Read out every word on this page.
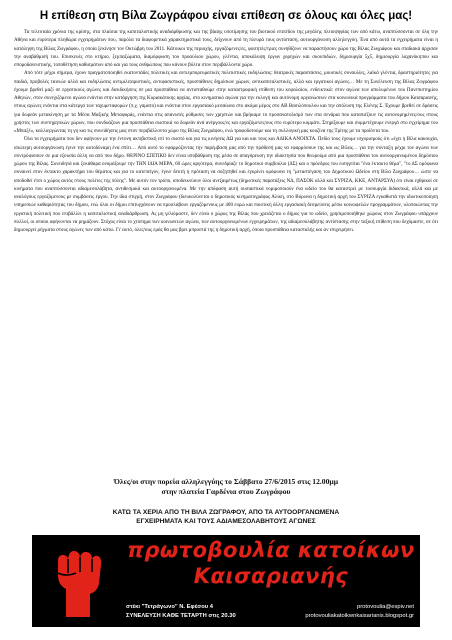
Η επίθεση στη Βίλα Ζωγράφου είναι επίθεση σε όλους και όλες μας!

Τα τελευταία χρόνια της κρίσης, στα πλαίσια της καπιταλιστικής αναδιάρθρωσης και της βίαιης υποτίμησης του βιοτικού επιπέδου της μεγάλης πλειοψηφίας των από κάτω, αναπτύσσονται σε όλη την Αθήνα και ευρύτερα πληθώρα εγχειρημάτων που, παρόλα τα διαφορετικά χαρακτηριστικά τους, δείχνουν από τη πλευρά τους αντίσταση, αυτοοργάνωση αλληλεγγύη. Ένα από αυτά τα εγχειρήματα είναι η κατάληψη της Βίλας Ζωγράφου, η οποία ξεκίνησε τον Οκτώβρη του 2011. Κάτοικοι της περιοχής, εργαζόμενες/ες, φοιτητές/τριες συνηθίζουν να παραστήσουν χώρο της Βίλας Ζωγράφου και σταδιακά άρχισαν την αναβάθμισή του. Επισκευές στο κτήριο, ξεμπαζώματα, διαμόρφωση του προαύλιου χώρου, γλέντια, αποκάλυψη έργων χορηγών και σκουπιδιών, δημιουργία 5χ5, δημιουργία λαχανόκηπου και σποροδανειστικής, τοποθέτηση καθισμάτων από και για τους ανθρώπους που κάνουν βόλτα στον περιβάλλοντα χώρο.

Από τότε μέχρι σήμερα, έχουν πραγματοποιηθεί εκατοντάδες πολιτικές και αντιεμπορευματικές πολιτιστικές εκδηλώσεις: θεατρικές παραστάσεις, μουσικές συναυλίες, λαϊκά γλέντια, δραστηριότητες για παιδιά, προβολές ταινιών αλλά και εκδηλώσεις αντιμιλιταριστικές, αντιφασιστικές, προσπάθειες δημόσιων χώρων, αντικαπιταλιστικές, αλλά και εργατικοί αγώνες… Με τη Συνέλευση της Βίλας Ζωγράφου έχουμε βρεθεί μαζί σε εργατικούς αγώνες και διεκδικήσεις σε μια προσπάθεια να αντισταθούμε στην καταστροφική επίθεση του κεφαλαίου, ενδεικτικά: στον αγώνα των απολυμένων του Πανεπιστημίου Αθηνών, στον συνεχιζόμενο αγώνα ενάντια στην κατάργηση της Κυριακάτικης αργίας, στο κινηματικό αγώνα για την εκλογή και αυτόνομη οργανώσεων στα κοινωνικά προγράμματα του δήμου Καισαριανής, στους αγώνες ενάντια στα κάτεργα των ταχυμεταφορών (π.χ. γαματο) και ενάντια στον εργασιακό μεσαίωνα στο ακόμα μέρος στο ΑΒ Βασιλόπουλου και την απόλυση της Ελένης Σ. Έχουμε βρεθεί σε δράσεις για δωρεάν μετακίνηση με τα Μέσα Μαζικής Μεταφοράς, ενάντια στις απανωτές ρύθμισες των χρηστών και βρήκαμε το προσανατολισμό των στα σενάρια που καταπιέζουν τις αυτονομημένες/ους στους χρήστες των συντηρητικών χώρων, που συνδυάζουν μια προσπάθεια σωστικά να δωρεάν ανά ανέργους/ες και εργαζόμενες/ους στο ευρύτερο κομμάτι. Στηρίξουμε και συμμετέχουμε ενεργά στο εγχείρημα του «Μπαξέ», καλλιεργώντας τη γη και τις συνειδήσεις μας στον περιβάλλοντα χώρο της Βίλας Ζωγράφου, ενώ τροφοδοτούμε και τη συλλογική μας κουζίνα της Τρίτης με τα προϊόντα του.

Όλα τα εγχειρήματα που δεν αφήνουν με την έντονη ακτιβιστική επί το σωστό και για τις κινήσεις ΔΩ για και και τους και ΑΔΙΚΑ ΑΝΟΙΧΤΑ. Πεδίο τους έχουμε ισχυρισμούς ότι «έχει η Βίλα κακουχία, απώτερη αυτοοργάνωση έγινε την αυτοδύναμη ένα σπίτι… Από αυτό το εφαρμόζοντας την παρέμβαση μας από την πρόθεσή μας να εφαρμόσουν της και ως Βίλας… για την σύνταξη μέχρι τον αγώνα των συντρόφισσων σε μια εξουσία άλλη να από που δήμο. ΘΕΡΙΝΟ ΣΠΙΤΙΚΟ δεν είναι υποβάθμιση της μέσα σε απαγόρευση την ιδιοκτησία που θεωρούμε από μια προσπάθεια του αυτοοργανωμένου δημόσιου χώρου της Βίλας. Συνειδητά και ξεκάθαρα ονομάζουμε την ΤΗΝ ΙΔΙΑ ΜΕΡΑ, 60 ώρες αργότερα, συνεδρίαζε το δημοτικό συμβούλιο (ΔΣ) και ο πρόεδρος του εισηγείται "ένα έκτακτο θέμα", "το ΔΣ ομόφωνα συναινεί στον έκτακτο χαρακτήρα του θέματος και για το κατεπείγον, έγινε δεκτή η πρόταση να συζητηθεί και εγκρίνει ομόφωνα τη "μεταστέγαση του Δημοτικού Ωδείου στη Βίλα Ζωγράφου… ώστε να αποδοθεί έτσι ο χώρος αυτός στους πολίτες της πόλης". Με αυτόν τον τρόπο, αποδεικνύουν όλοι ανεξαιρέτως (δημοτικές παρατάξεις ΝΔ, ΠΑΣΟΚ αλλά και ΣΥΡΙΖΑ, ΚΚΕ, ΑΝΤΑΡΣΥΑ) ότι είναι εχθρικοί σε κινήματα που αναπτύσσονται αδιαμεσολάβητα, αντιθεσμικά και αυτοοργανωμένα. Με την απόφαση αυτή ουσιαστικά νομιμοποιούν ένα ωδείο του θα καταστρεί με τοσουργία διδακτικά, αλλά και με αναλόγους εργαζόμενους με συμβάσεις έργου. Την ίδια στιγμή, στον Ζωγράφου (διευκολύνεται ο δημοτικός κινηματογράφος Αλίκη, στο Βύρωνα η δημοτική αρχή του ΣΥΡΙΖΑ εγκαθιστά την ιδιωτικοποίηση υπηρεσιών καθαριότητας του δήμου, ενώ όλοι οι δήμοι επιτυγχάνουν να προσλάβουν εργαζόμενους με 400 ευρώ και ποιοτική άλλη εργασιακή δεσμεύσεις μέσω κοινωφελών προγραμμάτων, υλοποιώντας την εργατική πολιτική που επιβάλλει η καπιταλιστική αναδιάρθρωση. Ας μη γελιόμαστε, δεν είναι ο χώρος της Βίλας που χρειάζεται ο δήμος για το ωδείο, χρησιμοποιήθηκε χώρους στον Ζωγράφου υπάρχουν πολλοί, οι οποίοι αφήνονται να ρημάζουν. Στόχος είναι το χτύπημα των κοινωνιτών αγώνα, των αυτοοργανωμένων εγχειρημάτων, της αδιαμεσολάβητης αντίστασης στην ταξική επίθεση που δεχόμαστε, σε ότι δημιουργεί ρήγματα στους αγώνες των από κάτω. Γι' αυτό, όλες/ους εμάς θα μας βρει μπροστά της η δημοτική αρχή, όποια προσπάθεια κατασταλής και αν επιχειρήσει.

Όλες/οι στην πορεία αλληλεγγύης το Σάββατο 27/6/2015 στις 12.00μμ
στην πλατεία Γαρδένια στου Ζωγράφου
ΚΑΤΩ ΤΑ ΧΕΡΙΑ ΑΠΟ ΤΗ ΒΙΛΑ ΖΩΓΡΑΦΟΥ, ΑΠΟ ΤΑ ΑΥΤΟΟΡΓΑΝΩΜΕΝΑ
ΕΓΧΕΙΡΗΜΑΤΑ ΚΑΙ ΤΟΥΣ ΑΔΙΑΜΕΣΟΛΑΒΗΤΟΥΣ ΑΓΩΝΕΣ
πρωτοβουλία κατοίκων
Καισαριανής
στέκι "Τετράγωνο" Ν. Εφέσου 4
ΣΥΝΕΛΕΥΣΗ ΚΑΘΕ ΤΕΤΑΡΤΗ στις 20.30
protovoulia@espiv.net
protovouliakatoikwnkaisarianis.blogspot.gr
